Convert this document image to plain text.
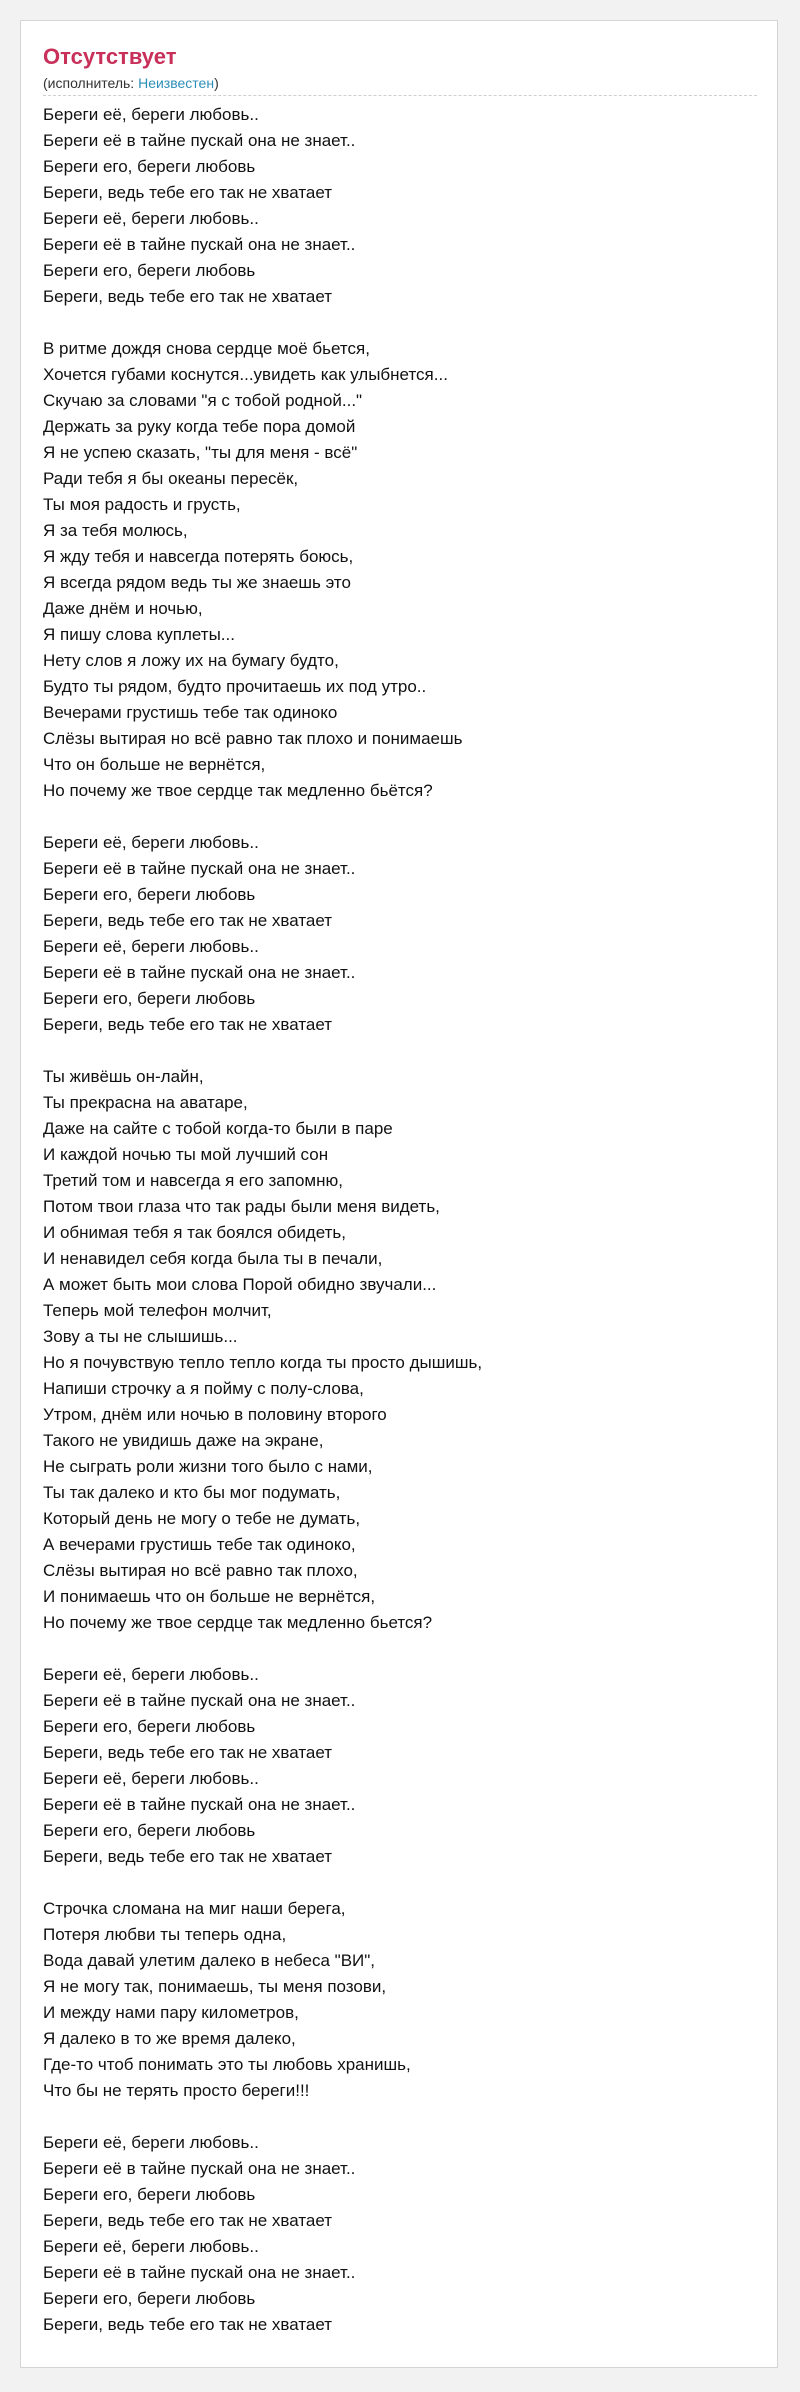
Отсутствует
(исполнитель: Неизвестен)
Береги её, береги любовь..
Береги её в тайне пускай она не знает..
Береги его, береги любовь
Береги, ведь тебе его так не хватает
Береги её, береги любовь..
Береги её в тайне пускай она не знает..
Береги его, береги любовь
Береги, ведь тебе его так не хватает
В ритме дождя снова сердце моё бьется,
Хочется губами коснутся...увидеть как улыбнется...
Скучаю за словами "я с тобой родной..."
Держать за руку когда тебе пора домой
Я не успею сказать, "ты для меня - всё"
Ради тебя я бы океаны пересёк,
Ты моя радость и грусть,
Я за тебя молюсь,
Я жду тебя и навсегда потерять боюсь,
Я всегда рядом ведь ты же знаешь это
Даже днём и ночью,
Я пишу слова куплеты...
Нету слов я ложу их на бумагу будто,
Будто ты рядом, будто прочитаешь их под утро..
Вечерами грустишь тебе так одиноко
Слёзы вытирая но всё равно так плохо и понимаешь
Что он больше не вернётся,
Но почему же твое сердце так медленно бьётся?
Береги её, береги любовь..
Береги её в тайне пускай она не знает..
Береги его, береги любовь
Береги, ведь тебе его так не хватает
Береги её, береги любовь..
Береги её в тайне пускай она не знает..
Береги его, береги любовь
Береги, ведь тебе его так не хватает
Ты живёшь он-лайн,
Ты прекрасна на аватаре,
Даже на сайте с тобой когда-то были в паре
И каждой ночью ты мой лучший сон
Третий том и навсегда я его запомню,
Потом твои глаза что так рады были меня видеть,
И обнимая тебя я так боялся обидеть,
И ненавидел себя когда была ты в печали,
А может быть мои слова Порой обидно звучали...
Теперь мой телефон молчит,
Зову а ты не слышишь...
Но я почувствую тепло тепло когда ты просто дышишь,
Напиши строчку а я пойму с полу-слова,
Утром, днём или ночью в половину второго
Такого не увидишь даже на экране,
Не сыграть роли жизни того было с нами,
Ты так далеко и кто бы мог подумать,
Который день не могу о тебе не думать,
А вечерами грустишь тебе так одиноко,
Слёзы вытирая но всё равно так плохо,
И понимаешь что он больше не вернётся,
Но почему же твое сердце так медленно бьется?
Береги её, береги любовь..
Береги её в тайне пускай она не знает..
Береги его, береги любовь
Береги, ведь тебе его так не хватает
Береги её, береги любовь..
Береги её в тайне пускай она не знает..
Береги его, береги любовь
Береги, ведь тебе его так не хватает
Строчка сломана на миг наши берега,
Потеря любви ты теперь одна,
Вода давай улетим далеко в небеса "ВИ",
Я не могу так, понимаешь, ты меня позови,
И между нами пару километров,
Я далеко в то же время далеко,
Где-то чтоб понимать это ты любовь хранишь,
Что бы не терять просто береги!!!
Береги её, береги любовь..
Береги её в тайне пускай она не знает..
Береги его, береги любовь
Береги, ведь тебе его так не хватает
Береги её, береги любовь..
Береги её в тайне пускай она не знает..
Береги его, береги любовь
Береги, ведь тебе его так не хватает
